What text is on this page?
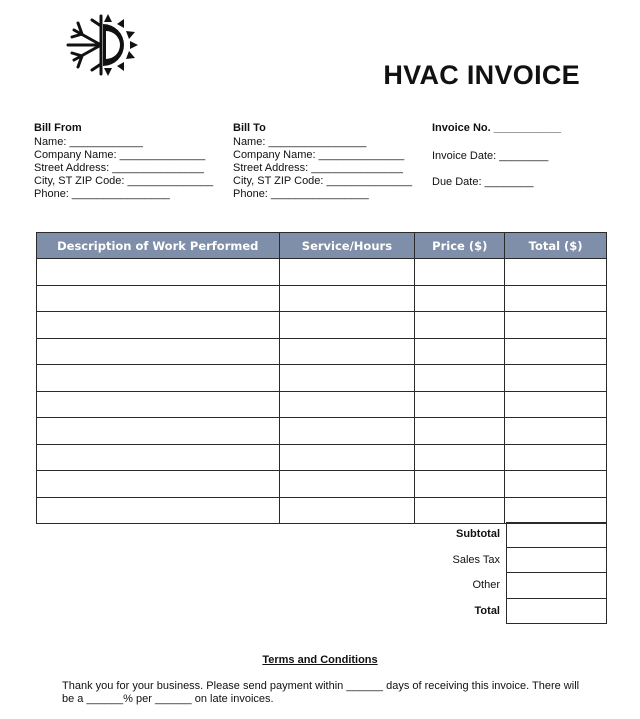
HVAC INVOICE
Bill From
Name: ____________
Company Name: ______________
Street Address: _______________
City, ST ZIP Code: ______________
Phone: ________________
Bill To
Name: ________________
Company Name: ______________
Street Address: _______________
City, ST ZIP Code: ______________
Phone: ________________
Invoice No. ___________
Invoice Date: ________
Due Date: ________
Description of Work Performed	Service/Hours	Price ($)	Total ($)

Subtotal
Sales Tax
Other
Total
Terms and Conditions
Thank you for your business. Please send payment within ______ days of receiving this invoice. There will be a ______% per ______ on late invoices.
